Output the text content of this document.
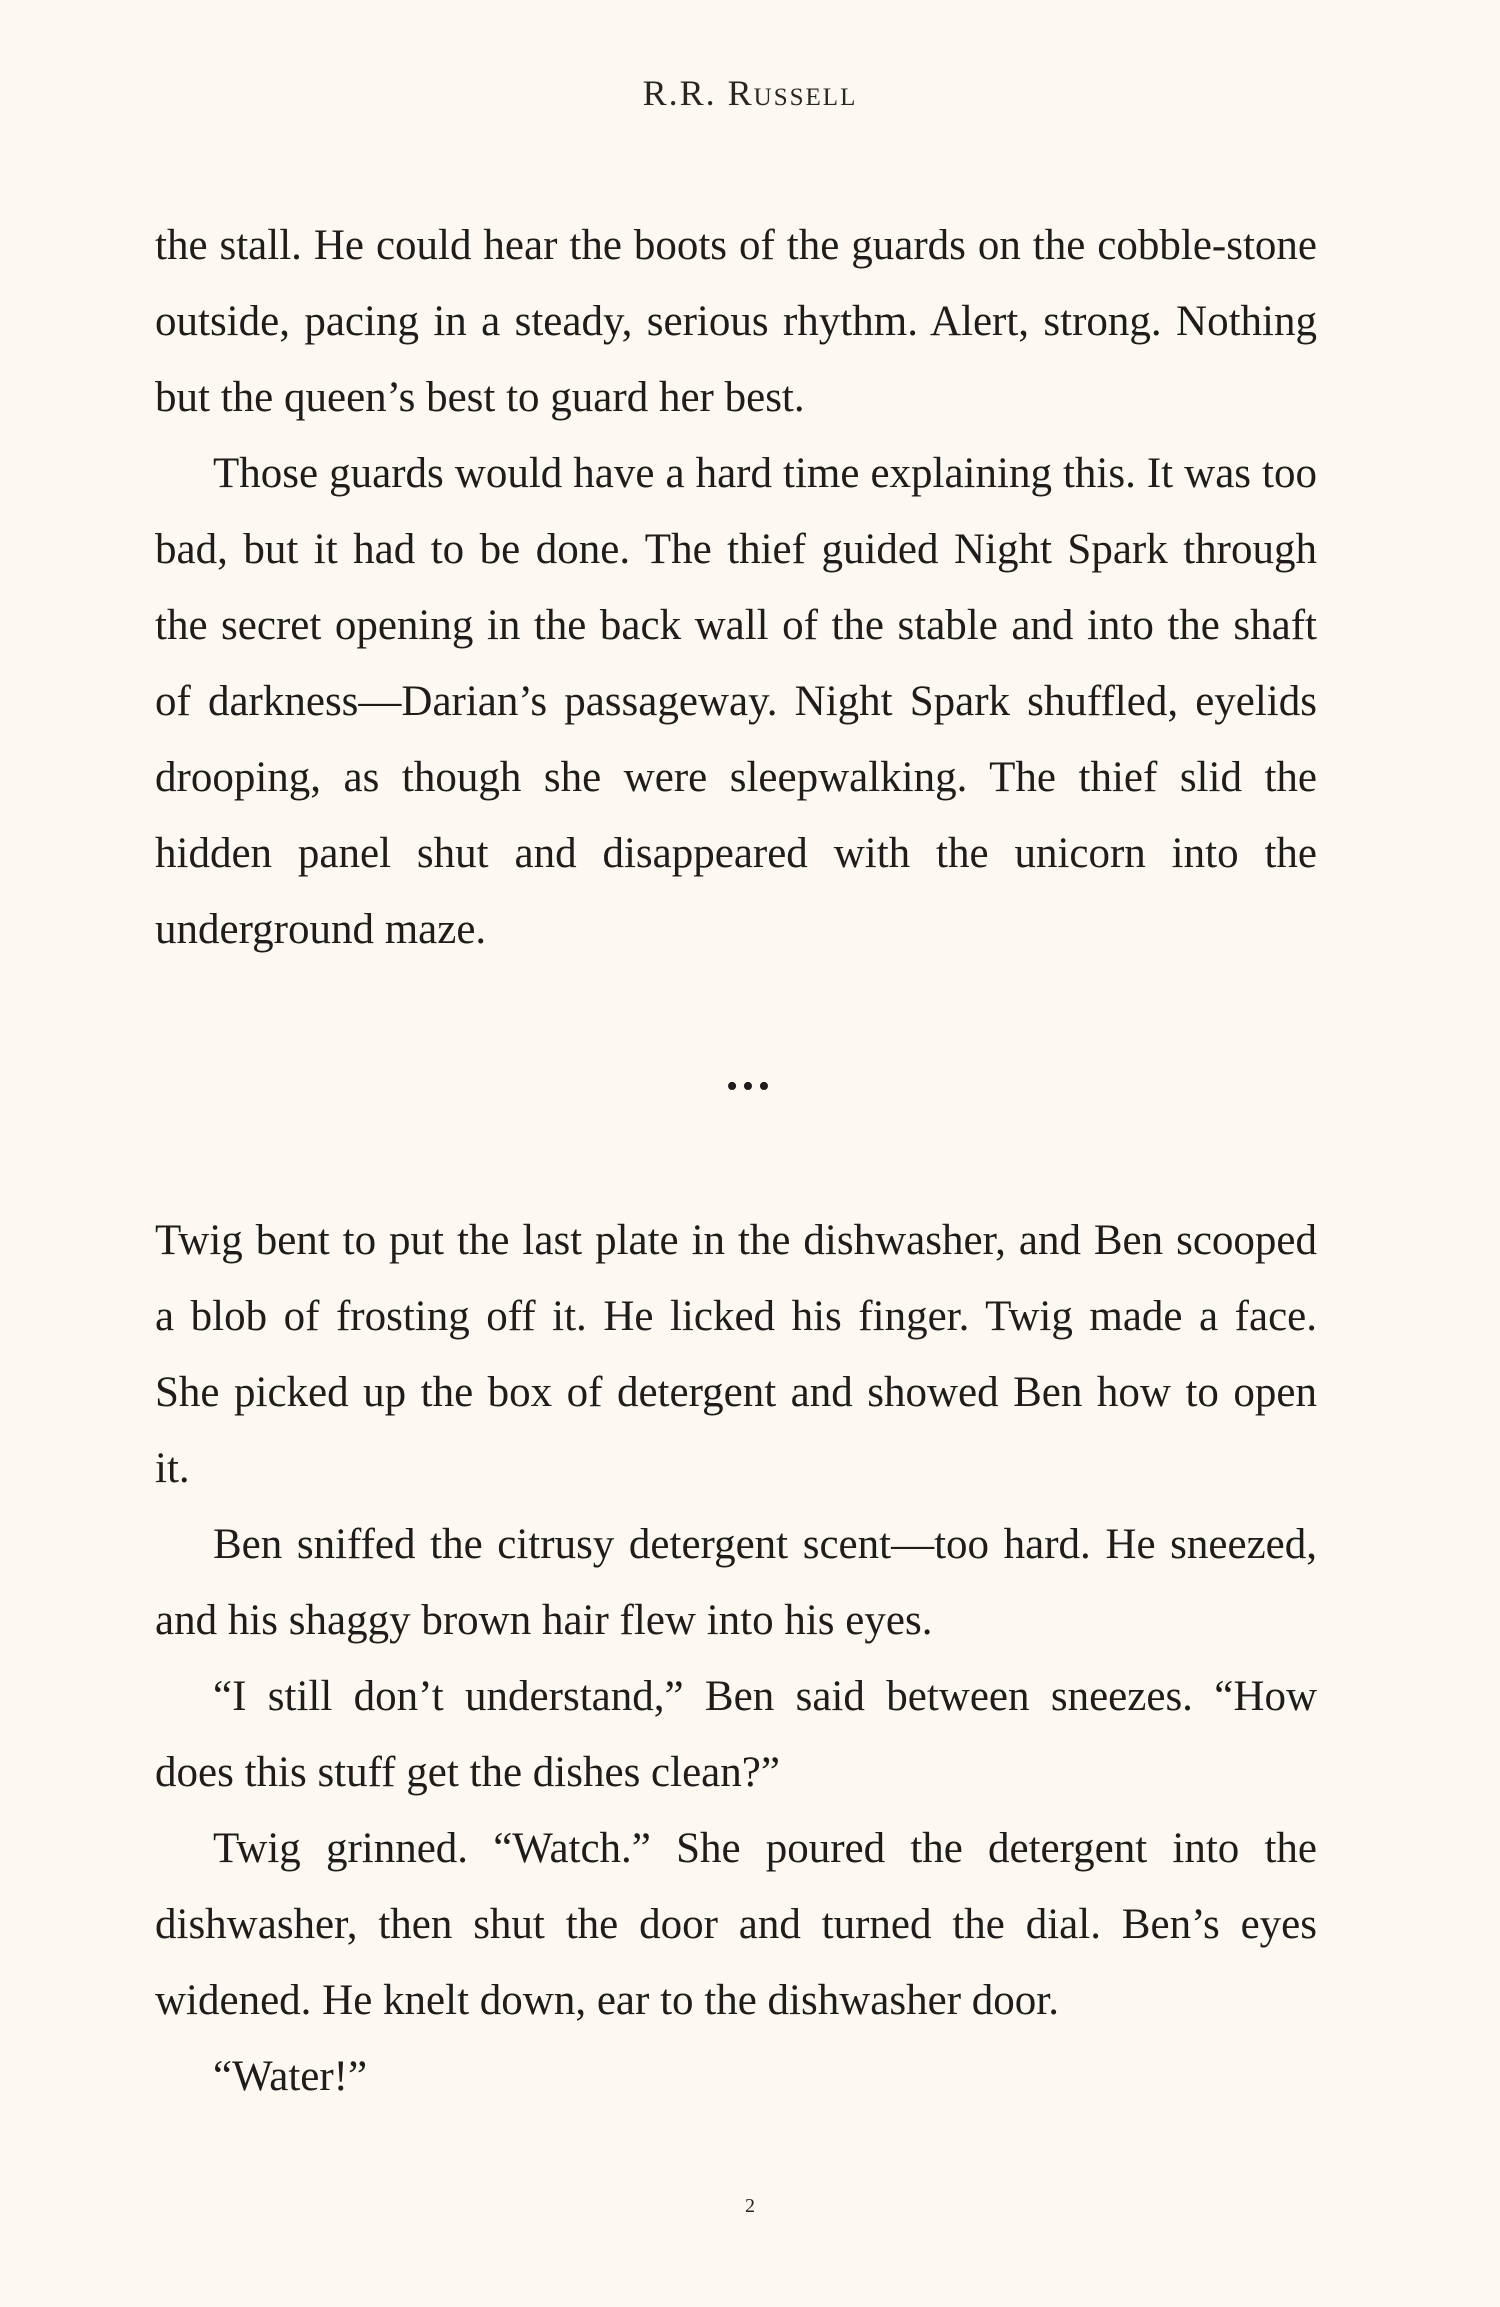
R.R. Russell

the stall. He could hear the boots of the guards on the cobble-stone outside, pacing in a steady, serious rhythm. Alert, strong. Nothing but the queen’s best to guard her best.

Those guards would have a hard time explaining this. It was too bad, but it had to be done. The thief guided Night Spark through the secret opening in the back wall of the stable and into the shaft of darkness—Darian’s passageway. Night Spark shuffled, eyelids drooping, as though she were sleepwalking. The thief slid the hidden panel shut and disappeared with the unicorn into the underground maze.

•••

Twig bent to put the last plate in the dishwasher, and Ben scooped a blob of frosting off it. He licked his finger. Twig made a face. She picked up the box of detergent and showed Ben how to open it.

Ben sniffed the citrusy detergent scent—too hard. He sneezed, and his shaggy brown hair flew into his eyes.

“I still don’t understand,” Ben said between sneezes. “How does this stuff get the dishes clean?”

Twig grinned. “Watch.” She poured the detergent into the dishwasher, then shut the door and turned the dial. Ben’s eyes widened. He knelt down, ear to the dishwasher door.

“Water!”

2
